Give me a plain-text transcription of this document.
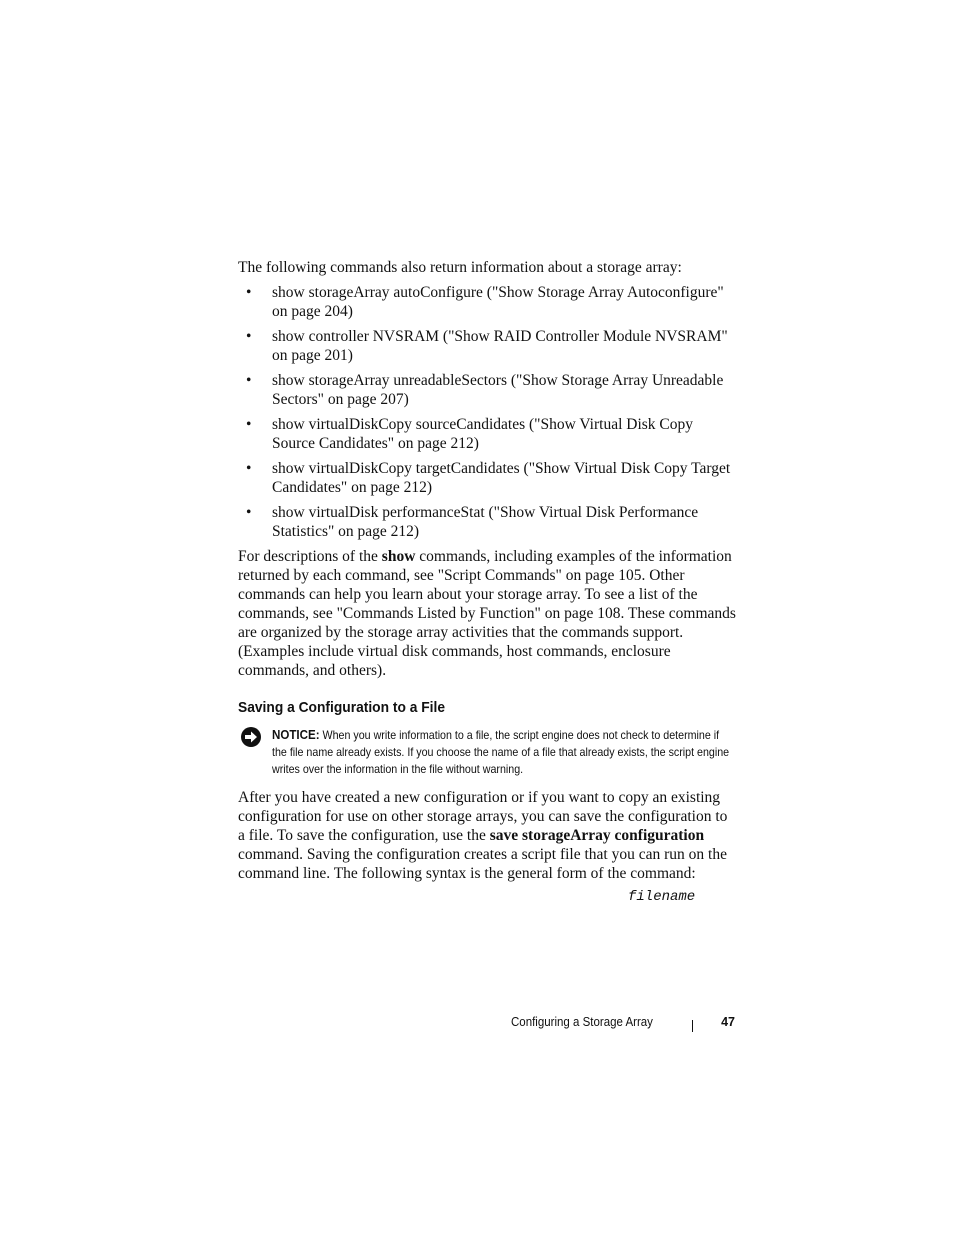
The following commands also return information about a storage array:

• show storageArray autoConfigure ("Show Storage Array Autoconfigure" on page 204)
• show controller NVSRAM ("Show RAID Controller Module NVSRAM" on page 201)
• show storageArray unreadableSectors ("Show Storage Array Unreadable Sectors" on page 207)
• show virtualDiskCopy sourceCandidates ("Show Virtual Disk Copy Source Candidates" on page 212)
• show virtualDiskCopy targetCandidates ("Show Virtual Disk Copy Target Candidates" on page 212)
• show virtualDisk performanceStat ("Show Virtual Disk Performance Statistics" on page 212)

For descriptions of the show commands, including examples of the information returned by each command, see "Script Commands" on page 105. Other commands can help you learn about your storage array. To see a list of the commands, see "Commands Listed by Function" on page 108. These commands are organized by the storage array activities that the commands support. (Examples include virtual disk commands, host commands, enclosure commands, and others).

Saving a Configuration to a File
NOTICE: When you write information to a file, the script engine does not check to determine if the file name already exists. If you choose the name of a file that already exists, the script engine writes over the information in the file without warning.

After you have created a new configuration or if you want to copy an existing configuration for use on other storage arrays, you can save the configuration to a file. To save the configuration, use the save storageArray configuration command. Saving the configuration creates a script file that you can run on the command line. The following syntax is the general form of the command:

filename
Configuring a Storage Array	47
